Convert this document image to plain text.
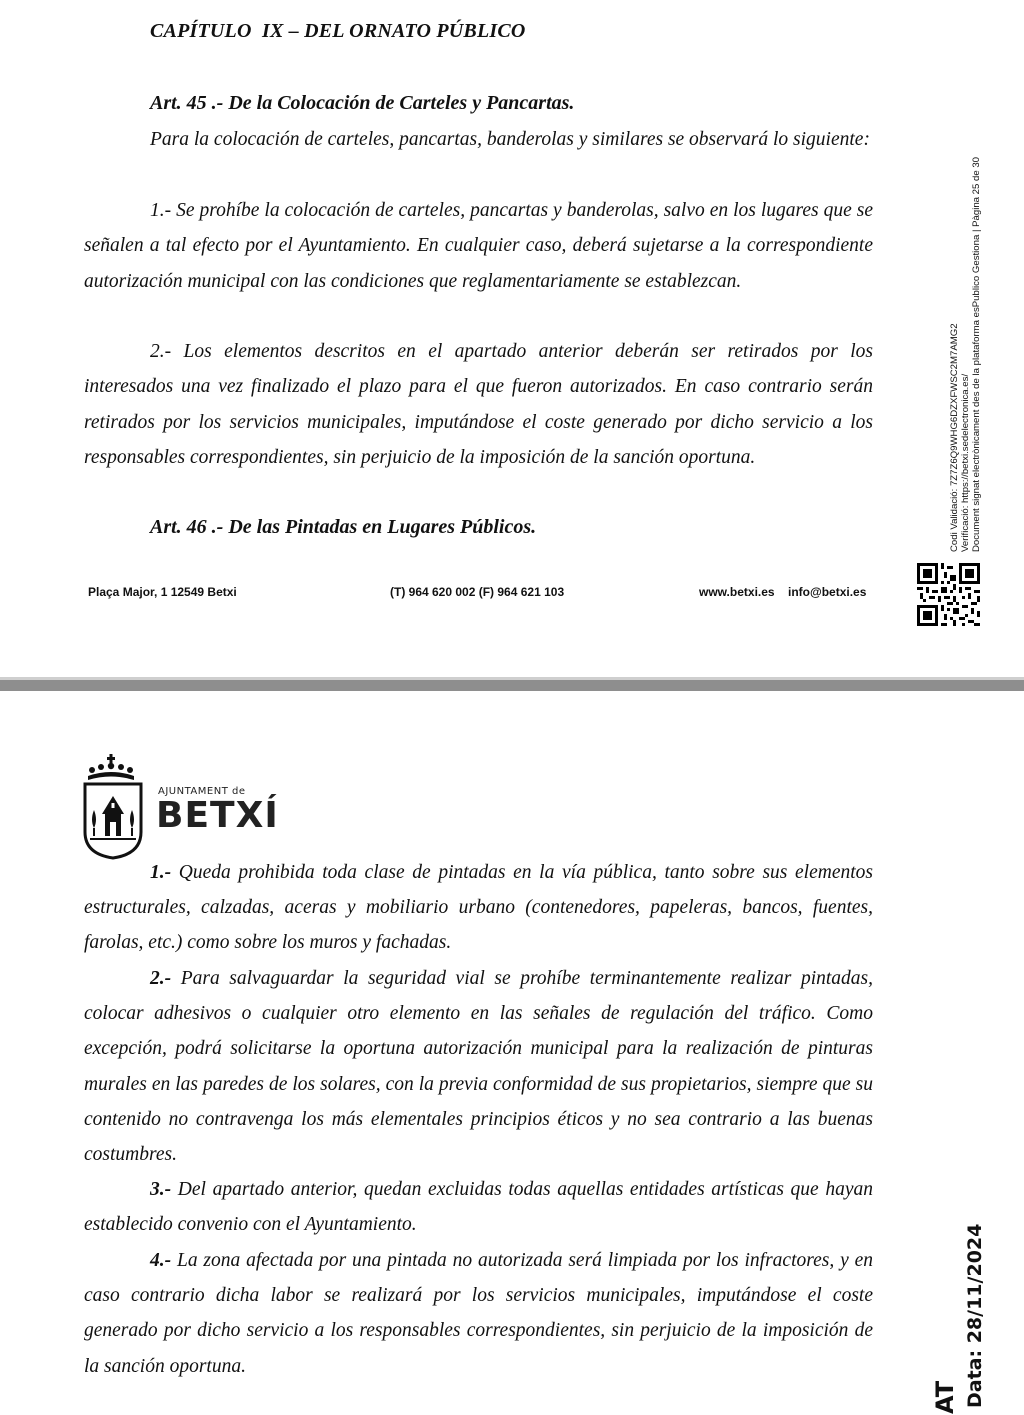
CAPÍTULO  IX – DEL ORNATO PÚBLICO
Art. 45 .- De la Colocación de Carteles y Pancartas.

Para la colocación de carteles, pancartas, banderolas y similares se observará lo siguiente:

1.- Se prohíbe la colocación de carteles, pancartas y banderolas, salvo en los lugares que se señalen a tal efecto por el Ayuntamiento. En cualquier caso, deberá sujetarse a la correspondiente autorización municipal con las condiciones que reglamentariamente se establezcan.

2.- Los elementos descritos en el apartado anterior deberán ser retirados por los interesados una vez finalizado el plazo para el que fueron autorizados. En caso contrario serán retirados por los servicios municipales, imputándose el coste generado por dicho servicio a los responsables correspondientes, sin perjuicio de la imposición de la sanción oportuna.

Art. 46 .- De las Pintadas en Lugares Públicos.
Plaça Major, 1 12549 Betxi	(T) 964 620 002 (F) 964 621 103	www.betxi.es info@betxi.es
Codi Validació: 7Z7Z6Q9WHG6DZXFWSC2M7AMG2 Verificació: https://betxi.sedelectronica.es/ Document signat electrònicament des de la plataforma esPublico Gestiona | Pàgina 25 de 30
AJUNTAMENT de
BETXÍ

1.- Queda prohibida toda clase de pintadas en la vía pública, tanto sobre sus elementos estructurales, calzadas, aceras y mobiliario urbano (contenedores, papeleras, bancos, fuentes, farolas, etc.) como sobre los muros y fachadas.

2.- Para salvaguardar la seguridad vial se prohíbe terminantemente realizar pintadas, colocar adhesivos o cualquier otro elemento en las señales de regulación del tráfico. Como excepción, podrá solicitarse la oportuna autorización municipal para la realización de pinturas murales en las paredes de los solares, con la previa conformidad de sus propietarios, siempre que su contenido no contravenga los más elementales principios éticos y no sea contrario a las buenas costumbres.

3.- Del apartado anterior, quedan excluidas todas aquellas entidades artísticas que hayan establecido convenio con el Ayuntamiento.

4.- La zona afectada por una pintada no autorizada será limpiada por los infractores, y en caso contrario dicha labor se realizará por los servicios municipales, imputándose el coste generado por dicho servicio a los responsables correspondientes, sin perjuicio de la imposición de la sanción oportuna.	Data: 28/11/2024
AT
